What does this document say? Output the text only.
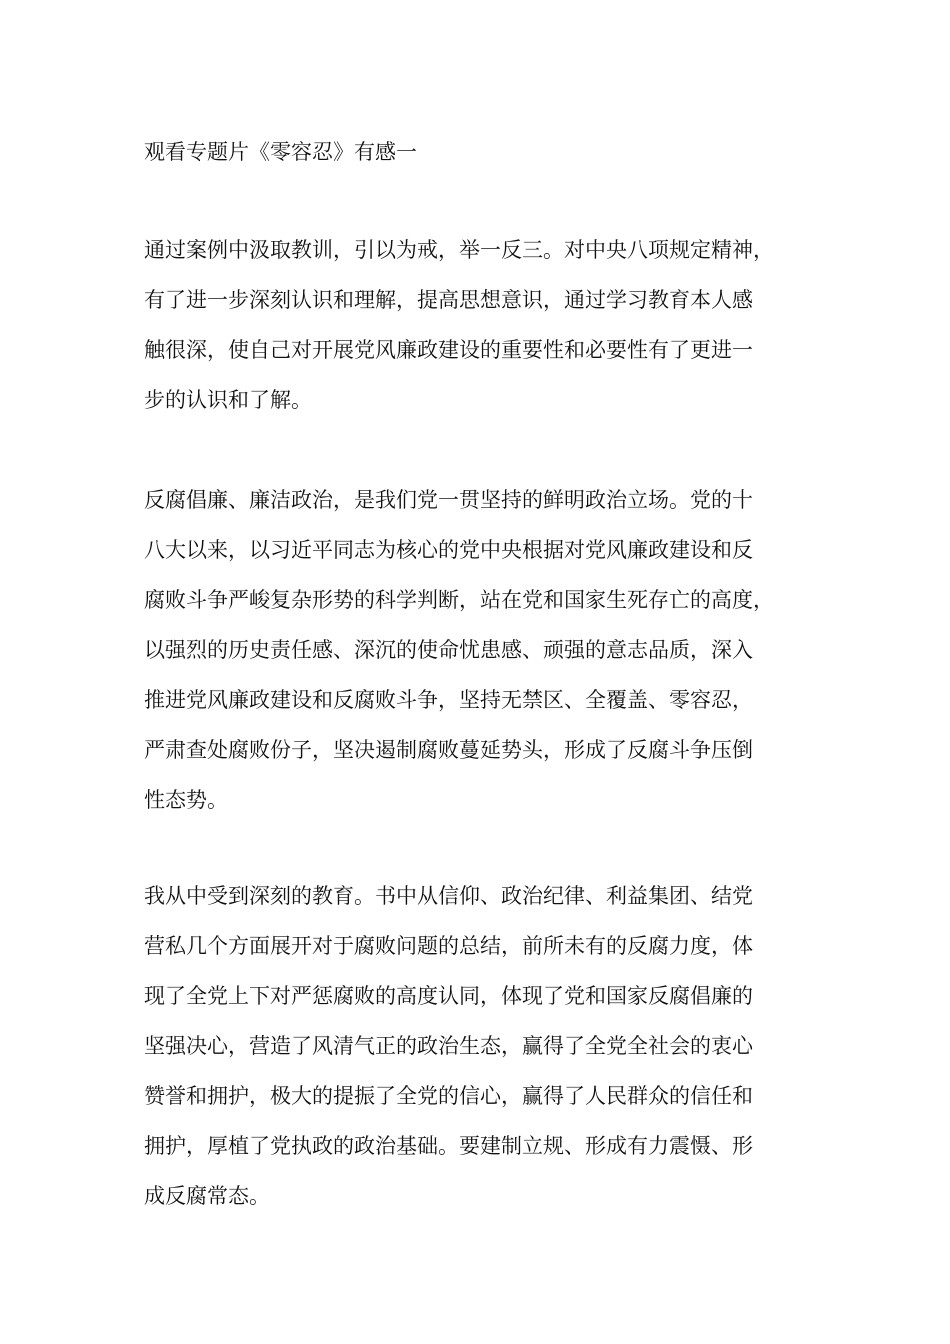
观看专题片《零容忍》有感一
通过案例中汲取教训，引以为戒，举一反三。对中央八项规定精神，
有了进一步深刻认识和理解，提高思想意识，通过学习教育本人感
触很深，使自己对开展党风廉政建设的重要性和必要性有了更进一
步的认识和了解。
反腐倡廉、廉洁政治，是我们党一贯坚持的鲜明政治立场。党的十
八大以来，以习近平同志为核心的党中央根据对党风廉政建设和反
腐败斗争严峻复杂形势的科学判断，站在党和国家生死存亡的高度，
以强烈的历史责任感、深沉的使命忧患感、顽强的意志品质，深入
推进党风廉政建设和反腐败斗争，坚持无禁区、全覆盖、零容忍，
严肃查处腐败份子，坚决遏制腐败蔓延势头，形成了反腐斗争压倒
性态势。
我从中受到深刻的教育。书中从信仰、政治纪律、利益集团、结党
营私几个方面展开对于腐败问题的总结，前所未有的反腐力度，体
现了全党上下对严惩腐败的高度认同，体现了党和国家反腐倡廉的
坚强决心，营造了风清气正的政治生态，赢得了全党全社会的衷心
赞誉和拥护，极大的提振了全党的信心，赢得了人民群众的信任和
拥护，厚植了党执政的政治基础。要建制立规、形成有力震慑、形
成反腐常态。
